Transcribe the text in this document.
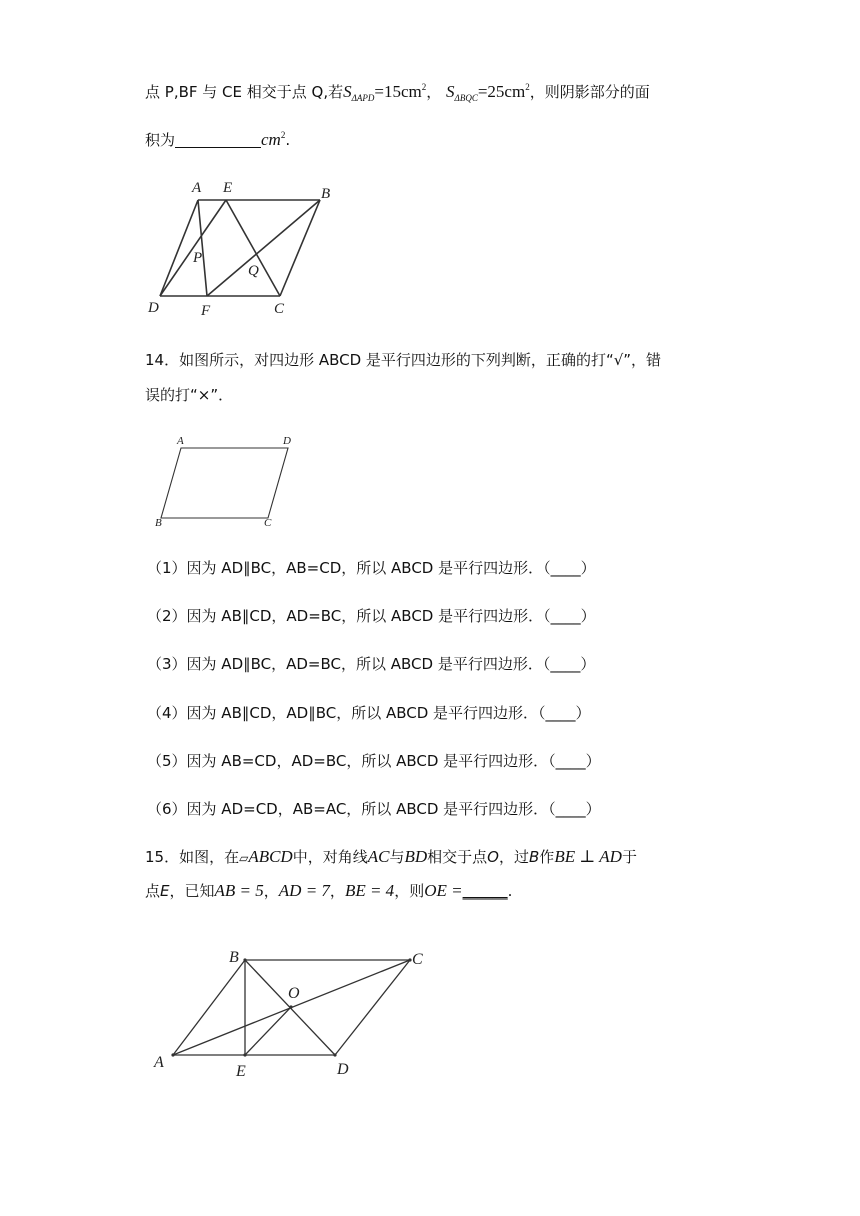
点 P,BF 与 CE 相交于点 Q,若$S_{\Delta APD}=15cm^2$， $S_{\Delta BQC}=25cm^2$，则阴影部分的面
积为	$cm^2$.
A E	B
P
Q
D	F	C
14．如图所示，对四边形 ABCD 是平行四边形的下列判断，正确的打“√”，错
误的打“×”．
A	D
B	C
（1）因为 AD∥BC，AB=CD，所以 ABCD 是平行四边形．（____）
（2）因为 AB∥CD，AD=BC，所以 ABCD 是平行四边形．（____）
（3）因为 AD∥BC，AD=BC，所以 ABCD 是平行四边形．（____）
（4）因为 AB∥CD，AD∥BC，所以 ABCD 是平行四边形．（____）
（5）因为 AB=CD，AD=BC，所以 ABCD 是平行四边形．（____）
（6）因为 AD=CD，AB=AC，所以 ABCD 是平行四边形．（____）
15．如图，在▱ABCD中，对角线AC与BD相交于点O，过B作BE ⊥ AD于
点E，已知AB = 5，AD = 7，BE = 4，则OE =______.
B	C
O
A
E	D
